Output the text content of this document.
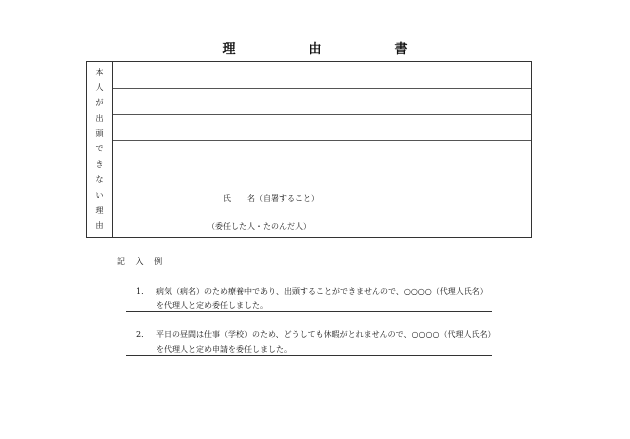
理　由　書
本
人
が
出
頭
で
き
な
い
理
由
氏　　名（自署すること）
（委任した人・たのんだ人）
記 入 例
1． 病気（病名）のため療養中であり、出頭することができませんので、○○○○（代理人氏名）
を代理人と定め委任しました。
2． 平日の昼間は仕事（学校）のため、どうしても休暇がとれませんので、○○○○（代理人氏名）
を代理人と定め申請を委任しました。
